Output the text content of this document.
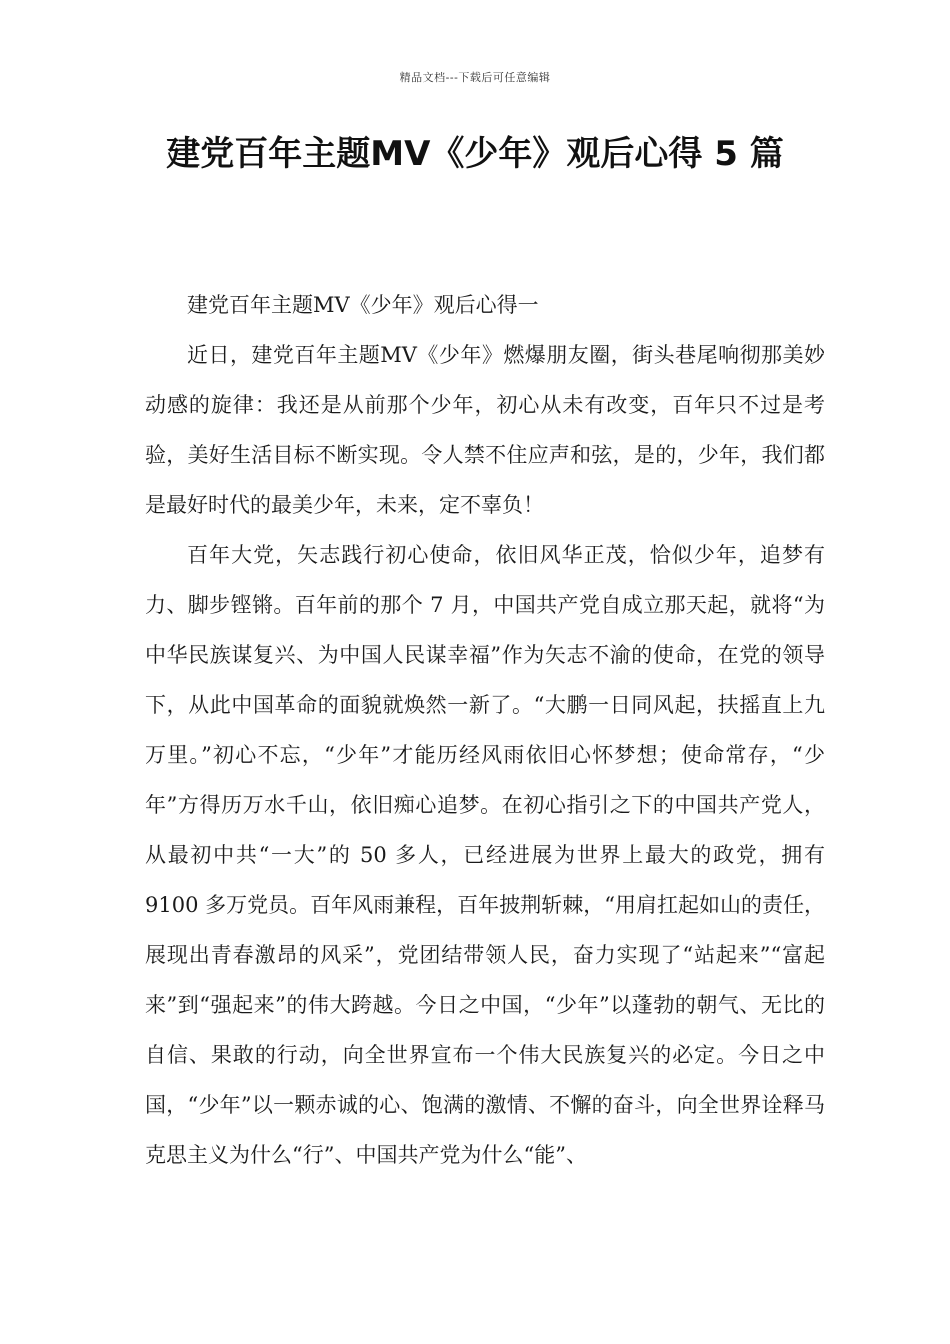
精品文档---下载后可任意编辑
建党百年主题MV《少年》观后心得 5 篇

建党百年主题MV《少年》观后心得一

近日，建党百年主题MV《少年》燃爆朋友圈，街头巷尾响彻那美妙动感的旋律：我还是从前那个少年，初心从未有改变，百年只不过是考验，美好生活目标不断实现。令人禁不住应声和弦，是的，少年，我们都是最好时代的最美少年，未来，定不辜负！

百年大党，矢志践行初心使命，依旧风华正茂，恰似少年，追梦有力、脚步铿锵。百年前的那个 7 月，中国共产党自成立那天起，就将“为中华民族谋复兴、为中国人民谋幸福”作为矢志不渝的使命，在党的领导下，从此中国革命的面貌就焕然一新了。“大鹏一日同风起，扶摇直上九万里。”初心不忘，“少年”才能历经风雨依旧心怀梦想；使命常存，“少年”方得历万水千山，依旧痴心追梦。在初心指引之下的中国共产党人，从最初中共“一大”的 50 多人，已经进展为世界上最大的政党，拥有 9100 多万党员。百年风雨兼程，百年披荆斩棘，“用肩扛起如山的责任，展现出青春激昂的风采”，党团结带领人民，奋力实现了“站起来”“富起来”到“强起来”的伟大跨越。今日之中国，“少年”以蓬勃的朝气、无比的自信、果敢的行动，向全世界宣布一个伟大民族复兴的必定。今日之中国，“少年”以一颗赤诚的心、饱满的激情、不懈的奋斗，向全世界诠释马克思主义为什么“行”、中国共产党为什么“能”、
